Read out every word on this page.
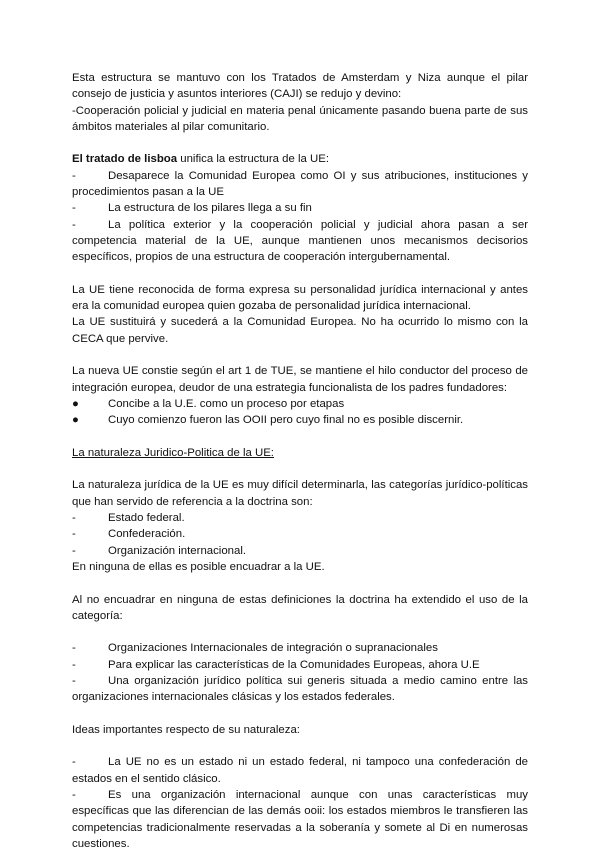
Esta estructura se mantuvo con los Tratados de Amsterdam y Niza aunque el pilar consejo de justicia y asuntos interiores (CAJI) se redujo y devino:

-Cooperación policial y judicial en materia penal únicamente pasando buena parte de sus ámbitos materiales al pilar comunitario.

El tratado de lisboa unifica la estructura de la UE:

-	Desaparece la Comunidad Europea como OI y sus atribuciones, instituciones y procedimientos pasan a la UE

-	La estructura de los pilares llega a su fin

-	La política exterior y la cooperación policial y judicial ahora pasan a ser competencia material de la UE, aunque mantienen unos mecanismos decisorios específicos, propios de una estructura de cooperación intergubernamental.

La UE tiene reconocida de forma expresa su personalidad jurídica internacional y antes era la comunidad europea quien gozaba de personalidad jurídica internacional.

La UE sustituirá y sucederá a la Comunidad Europea. No ha ocurrido lo mismo con la CECA que pervive.

La nueva UE constie según el art 1 de TUE, se mantiene el hilo conductor del proceso de integración europea, deudor de una estrategia funcionalista de los padres fundadores:

●	Concibe a la U.E. como un proceso por etapas

●	Cuyo comienzo fueron las OOII pero cuyo final no es posible discernir.

La naturaleza Juridico-Politica de la UE:

La naturaleza jurídica de la UE es muy difícil determinarla, las categorías jurídico-políticas que han servido de referencia a la doctrina son:

-	Estado federal.

-	Confederación.

-	Organización internacional.

En ninguna de ellas es posible encuadrar a la UE.

Al no encuadrar en ninguna de estas definiciones la doctrina ha extendido el uso de la categoría:

-	Organizaciones Internacionales de integración o supranacionales

-	Para explicar las características de la Comunidades Europeas, ahora U.E

-	Una organización jurídico política sui generis situada a medio camino entre las organizaciones internacionales clásicas y los estados federales.

Ideas importantes respecto de su naturaleza:

-	La UE no es un estado ni un estado federal, ni tampoco una confederación de estados en el sentido clásico.

-	Es una organización internacional aunque con unas características muy específicas que las diferencian de las demás ooii: los estados miembros le transfieren las competencias tradicionalmente reservadas a la soberanía y somete al Di en numerosas cuestiones.
